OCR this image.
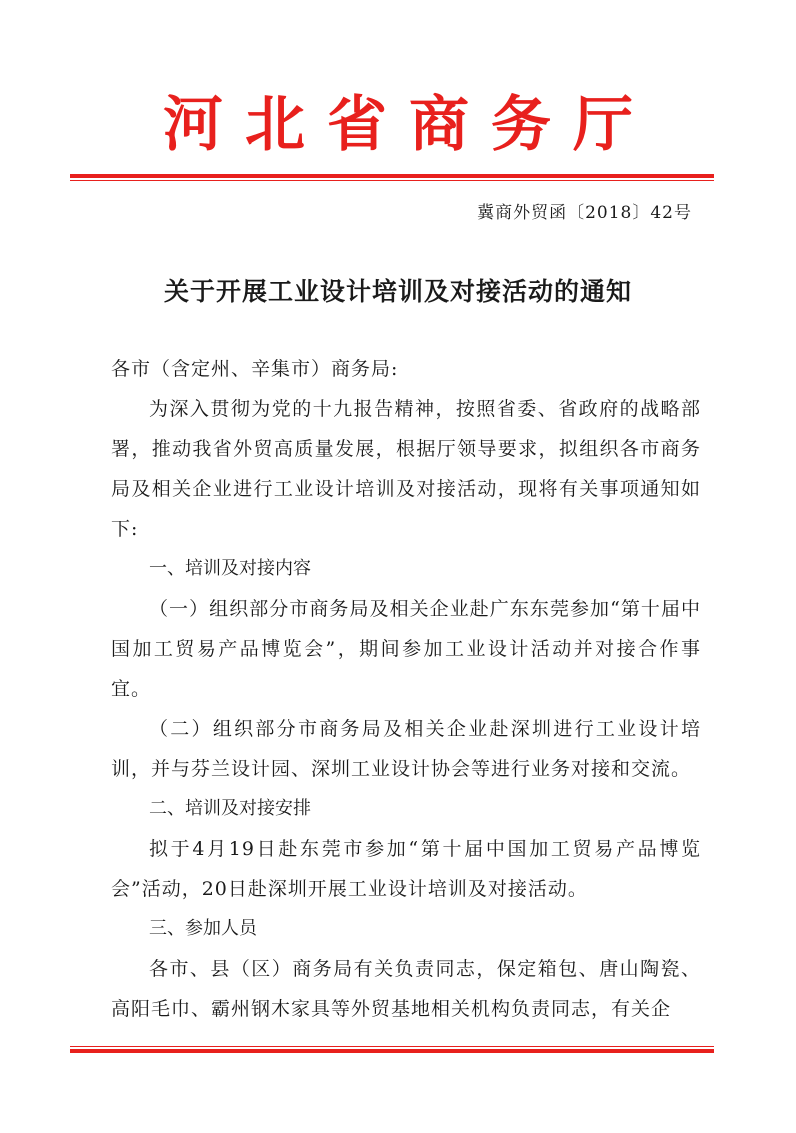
河北省商务厅
冀商外贸函〔2018〕42号
关于开展工业设计培训及对接活动的通知

各市（含定州、辛集市）商务局:

为深入贯彻为党的十九报告精神，按照省委、省政府的战略部署，推动我省外贸高质量发展，根据厅领导要求，拟组织各市商务局及相关企业进行工业设计培训及对接活动，现将有关事项通知如下:

一、培训及对接内容

（一）组织部分市商务局及相关企业赴广东东莞参加“第十届中国加工贸易产品博览会”，期间参加工业设计活动并对接合作事宜。

（二）组织部分市商务局及相关企业赴深圳进行工业设计培训，并与芬兰设计园、深圳工业设计协会等进行业务对接和交流。

二、培训及对接安排

拟于4月19日赴东莞市参加“第十届中国加工贸易产品博览会”活动，20日赴深圳开展工业设计培训及对接活动。

三、参加人员

各市、县（区）商务局有关负责同志，保定箱包、唐山陶瓷、高阳毛巾、霸州钢木家具等外贸基地相关机构负责同志，有关企
